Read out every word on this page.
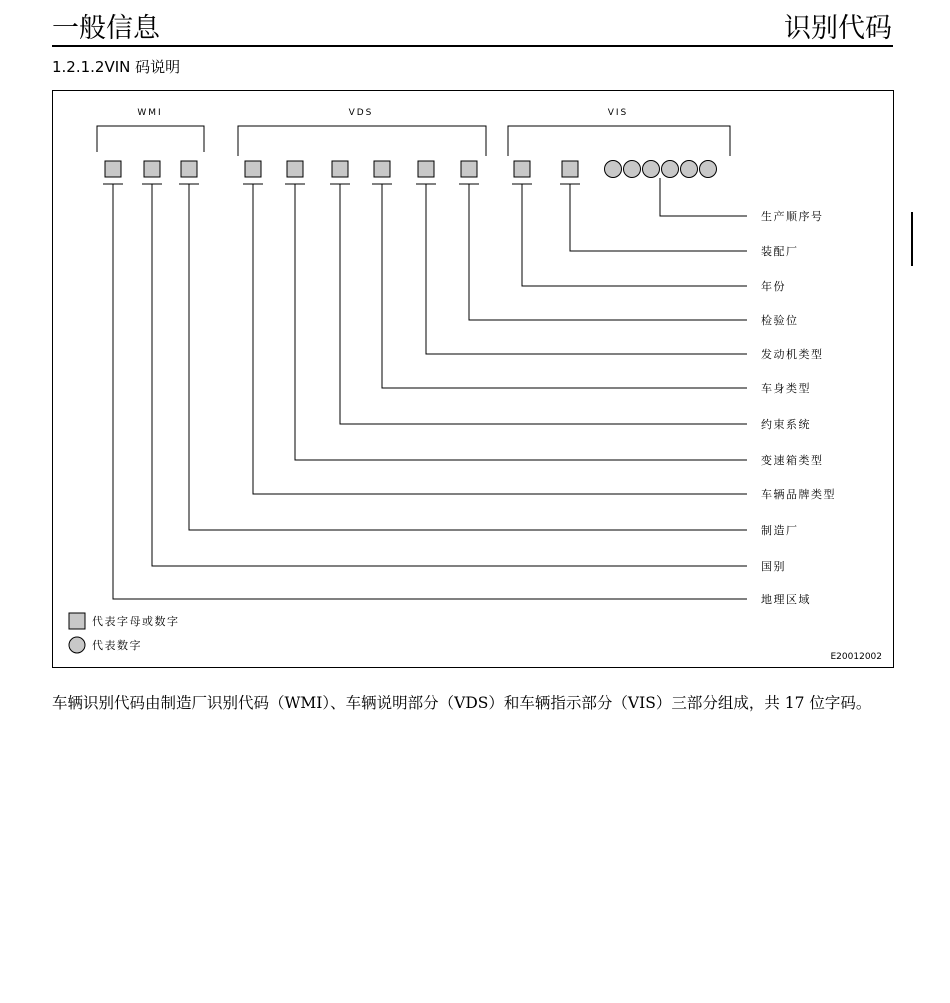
一般信息	识别代码
1.2.1.2VIN 码说明
WMI	VDS	VIS
生产顺序号
装配厂
年份
检验位
发动机类型
车身类型
约束系统
变速箱类型
车辆品牌类型
制造厂
国别
地理区域
代表字母或数字
代表数字
E20012002
车辆识别代码由制造厂识别代码（WMI）、车辆说明部分（VDS）和车辆指示部分（VIS）三部分组成，共 17 位字码。
